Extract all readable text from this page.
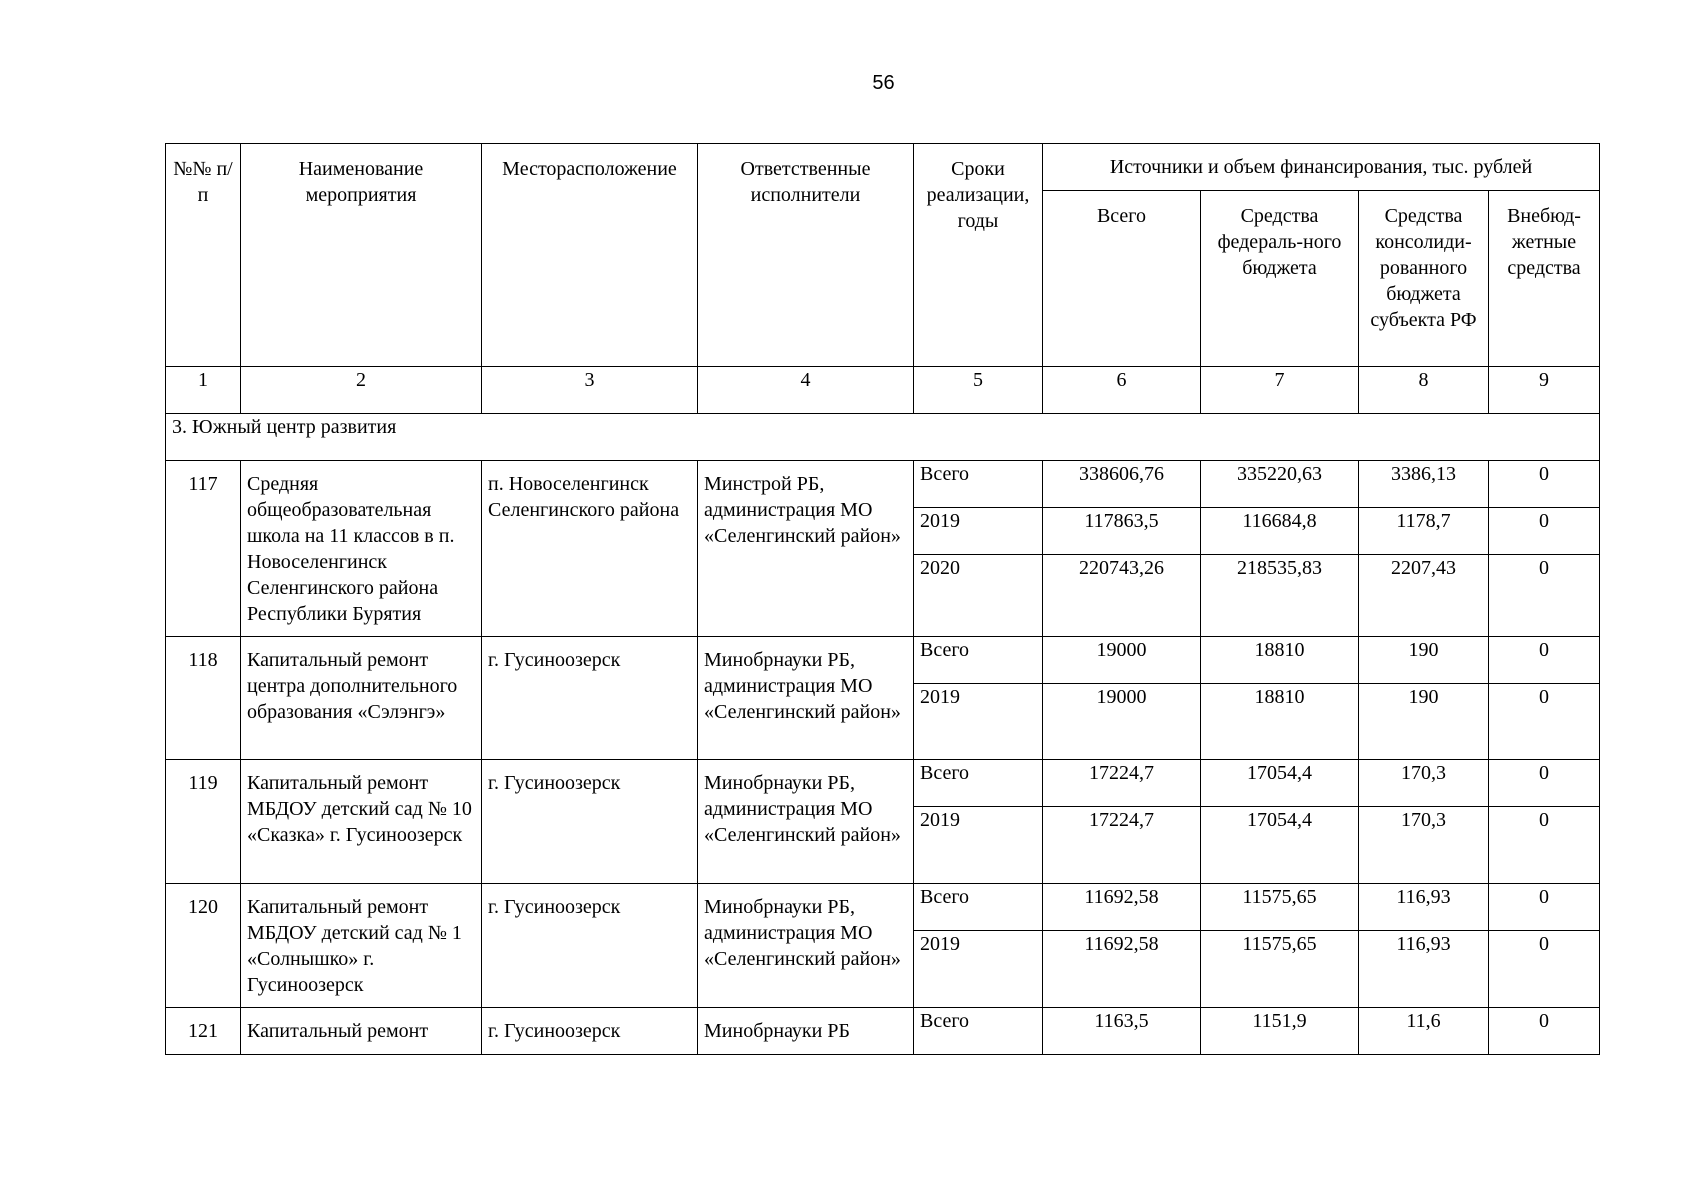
56
№№ п/п	Наименование мероприятия	Месторасположение	Ответственные исполнители	Сроки реализации, годы	Источники и объем финансирования, тыс. рублей			
					Всего	Средства федераль-ного бюджета	Средства консолиди-рованного бюджета субъекта РФ	Внебюд-жетные средства
1	2	3	4	5	6	7	8	9
3. Южный центр развития								
117	Средняя общеобразовательная школа на 11 классов в п. Новоселенгинск Селенгинского района Республики Бурятия	п. Новоселенгинск Селенгинского района	Минстрой РБ, администрация МО «Селенгинский район»	Всего	338606,76	335220,63	3386,13	0
				2019	117863,5	116684,8	1178,7	0
				2020	220743,26	218535,83	2207,43	0
118	Капитальный ремонт центра дополнительного образования «Сэлэнгэ»	г. Гусиноозерск	Минобрнауки РБ, администрация МО «Селенгинский район»	Всего	19000	18810	190	0
				2019	19000	18810	190	0
119	Капитальный ремонт МБДОУ детский сад № 10 «Сказка» г. Гусиноозерск	г. Гусиноозерск	Минобрнауки РБ, администрация МО «Селенгинский район»	Всего	17224,7	17054,4	170,3	0
				2019	17224,7	17054,4	170,3	0
120	Капитальный ремонт МБДОУ детский сад № 1 «Солнышко» г. Гусиноозерск	г. Гусиноозерск	Минобрнауки РБ, администрация МО «Селенгинский район»	Всего	11692,58	11575,65	116,93	0
				2019	11692,58	11575,65	116,93	0
121	Капитальный ремонт	г. Гусиноозерск	Минобрнауки РБ	Всего	1163,5	1151,9	11,6	0
